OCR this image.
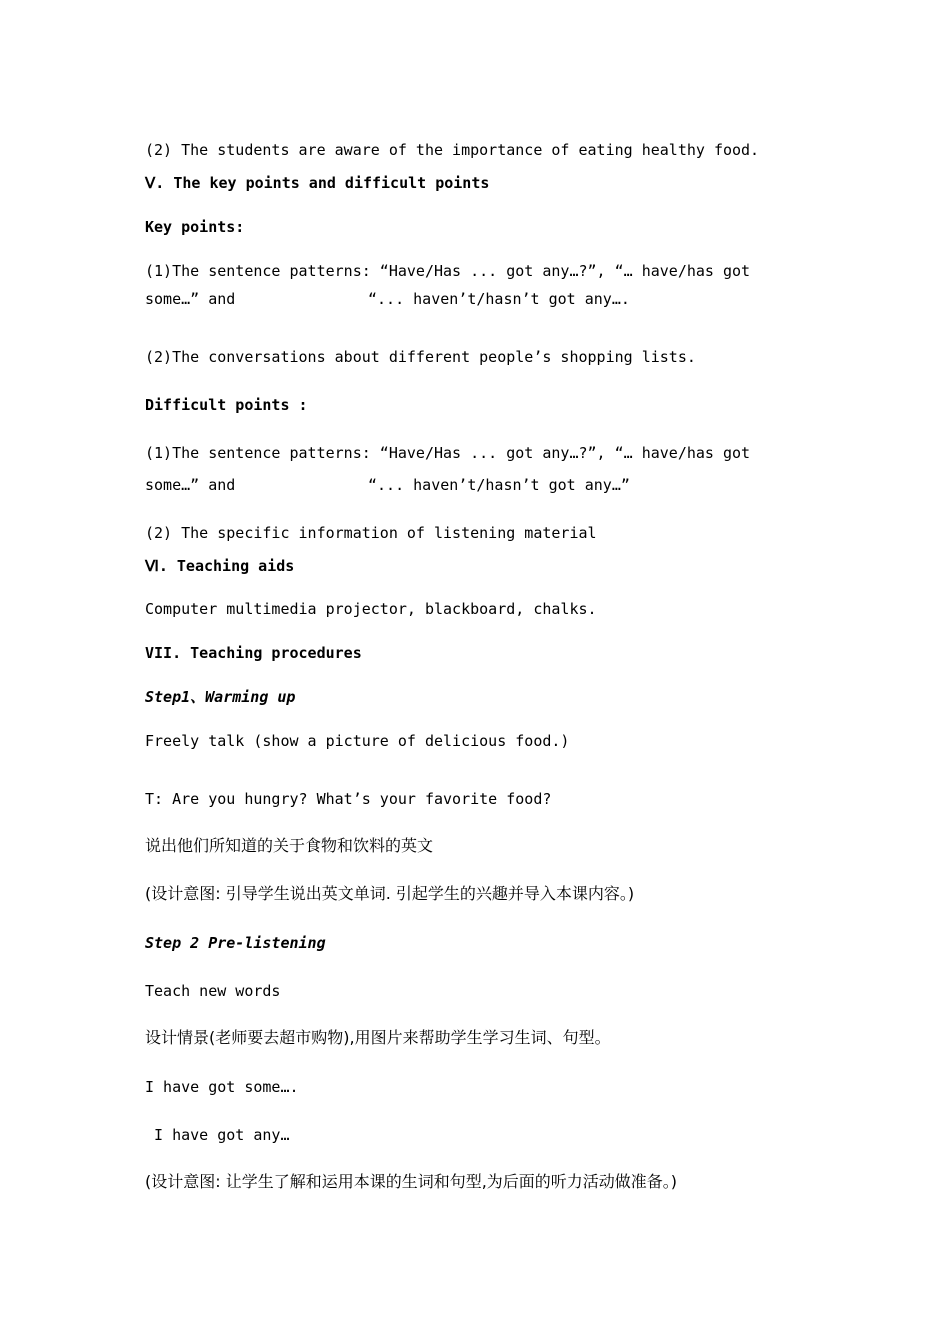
(2) The students are aware of the importance of eating healthy food.
Ⅴ. The key points and difficult points
Key points:
(1)The sentence patterns: “Have/Has ... got any…?”, “… have/has got
some…” and	“... haven’t/hasn’t got any….
(2)The conversations about different people’s shopping lists.
Difficult points :
(1)The sentence patterns: “Have/Has ... got any…?”, “… have/has got
some…” and	“... haven’t/hasn’t got any…”
(2) The specific information of listening material
Ⅵ. Teaching aids
Computer multimedia projector, blackboard, chalks.
VII. Teaching procedures
Step1、Warming up
Freely talk (show a picture of delicious food.)
T: Are you hungry? What’s your favorite food?
说出他们所知道的关于食物和饮料的英文
(设计意图: 引导学生说出英文单词. 引起学生的兴趣并导入本课内容。)
Step 2 Pre-listening
Teach new words
设计情景(老师要去超市购物),用图片来帮助学生学习生词、句型。
I have got some….
I have got any…
(设计意图: 让学生了解和运用本课的生词和句型,为后面的听力活动做准备。)
